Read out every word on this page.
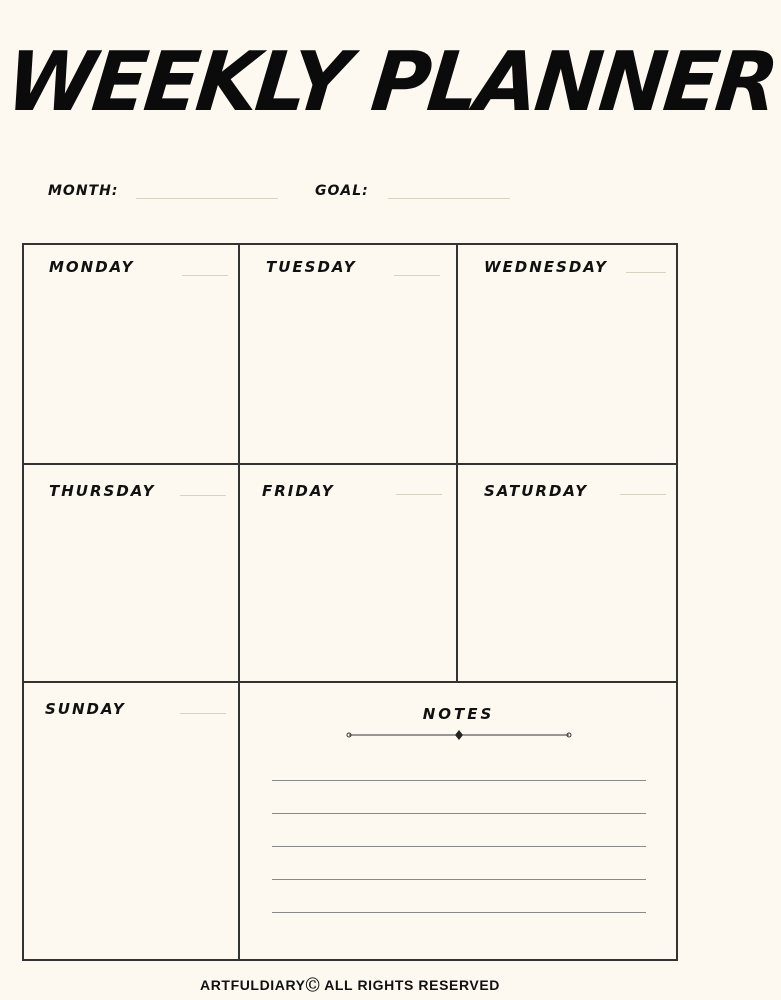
WEEKLY PLANNER
MONTH:	GOAL:
MONDAY	TUESDAY	WEDNESDAY
THURSDAY	FRIDAY	SATURDAY
SUNDAY	NOTES
ARTFULDIARYⒸ ALL RIGHTS RESERVED
